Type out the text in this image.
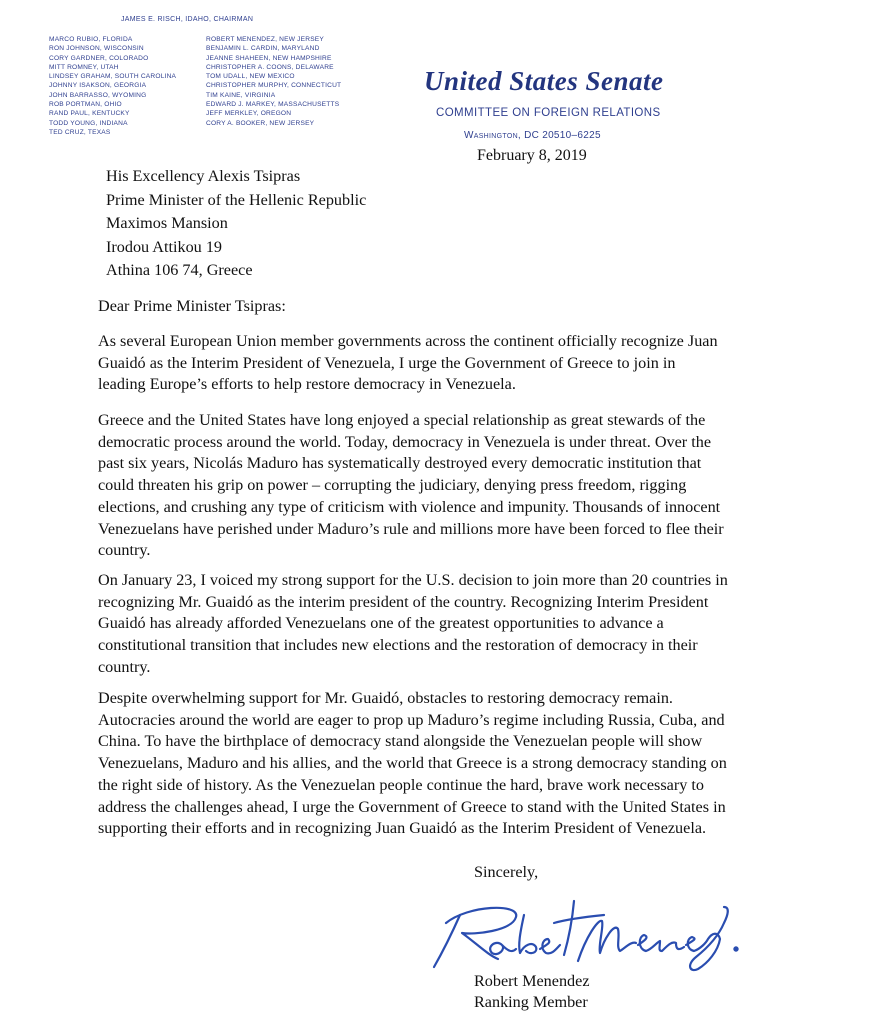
JAMES E. RISCH, IDAHO, CHAIRMAN
MARCO RUBIO, FLORIDA
RON JOHNSON, WISCONSIN
CORY GARDNER, COLORADO
MITT ROMNEY, UTAH
LINDSEY GRAHAM, SOUTH CAROLINA
JOHNNY ISAKSON, GEORGIA
JOHN BARRASSO, WYOMING
ROB PORTMAN, OHIO
RAND PAUL, KENTUCKY
TODD YOUNG, INDIANA
TED CRUZ, TEXAS
ROBERT MENENDEZ, NEW JERSEY
BENJAMIN L. CARDIN, MARYLAND
JEANNE SHAHEEN, NEW HAMPSHIRE
CHRISTOPHER A. COONS, DELAWARE
TOM UDALL, NEW MEXICO
CHRISTOPHER MURPHY, CONNECTICUT
TIM KAINE, VIRGINIA
EDWARD J. MARKEY, MASSACHUSETTS
JEFF MERKLEY, OREGON
CORY A. BOOKER, NEW JERSEY
United States Senate
COMMITTEE ON FOREIGN RELATIONS
Washington, DC 20510–6225
February 8, 2019
His Excellency Alexis Tsipras
Prime Minister of the Hellenic Republic
Maximos Mansion
Irodou Attikou 19
Athina 106 74, Greece
Dear Prime Minister Tsipras:
As several European Union member governments across the continent officially recognize Juan
Guaidó as the Interim President of Venezuela, I urge the Government of Greece to join in
leading Europe’s efforts to help restore democracy in Venezuela.
Greece and the United States have long enjoyed a special relationship as great stewards of the
democratic process around the world. Today, democracy in Venezuela is under threat. Over the
past six years, Nicolás Maduro has systematically destroyed every democratic institution that
could threaten his grip on power – corrupting the judiciary, denying press freedom, rigging
elections, and crushing any type of criticism with violence and impunity. Thousands of innocent
Venezuelans have perished under Maduro’s rule and millions more have been forced to flee their
country.
On January 23, I voiced my strong support for the U.S. decision to join more than 20 countries in
recognizing Mr. Guaidó as the interim president of the country. Recognizing Interim President
Guaidó has already afforded Venezuelans one of the greatest opportunities to advance a
constitutional transition that includes new elections and the restoration of democracy in their
country.
Despite overwhelming support for Mr. Guaidó, obstacles to restoring democracy remain.
Autocracies around the world are eager to prop up Maduro’s regime including Russia, Cuba, and
China. To have the birthplace of democracy stand alongside the Venezuelan people will show
Venezuelans, Maduro and his allies, and the world that Greece is a strong democracy standing on
the right side of history. As the Venezuelan people continue the hard, brave work necessary to
address the challenges ahead, I urge the Government of Greece to stand with the United States in
supporting their efforts and in recognizing Juan Guaidó as the Interim President of Venezuela.
Sincerely,
Robert Menendez
Ranking Member
